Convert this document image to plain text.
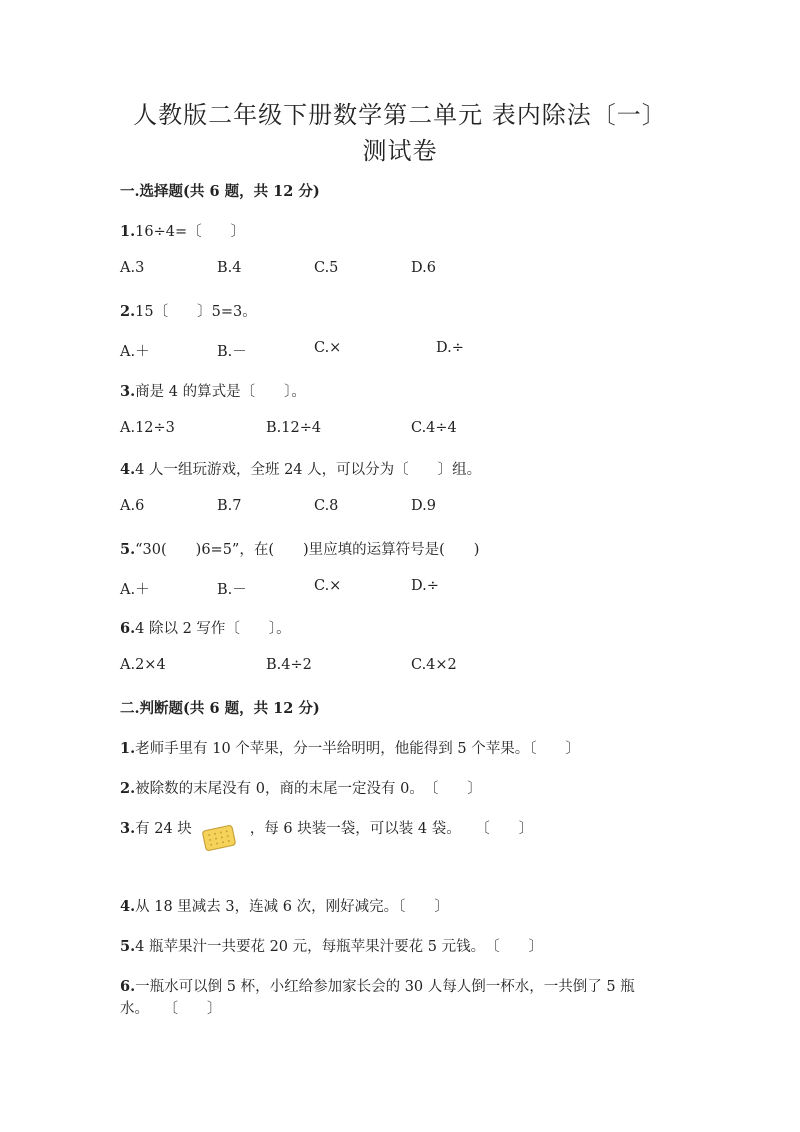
人教版二年级下册数学第二单元 表内除法〔一〕
测试卷
一.选择题(共 6 题，共 12 分)
1.16÷4=〔　　〕
A.3	B.4	C.5	D.6
2.15〔　　〕5=3。
A.＋	B.－	C.×	D.÷
3.商是 4 的算式是〔　　〕。
A.12÷3	B.12÷4	C.4÷4
4.4 人一组玩游戏，全班 24 人，可以分为〔　　〕组。
A.6	B.7	C.8	D.9
5.“30(　　)6=5”，在(　　)里应填的运算符号是(　　)
A.＋	B.－	C.×	D.÷
6.4 除以 2 写作〔　　〕。
A.2×4	B.4÷2	C.4×2
二.判断题(共 6 题，共 12 分)
1.老师手里有 10 个苹果，分一半给明明，他能得到 5 个苹果。〔　　〕
2.被除数的末尾没有 0，商的末尾一定没有 0。　〔　　〕
3.有 24 块	，每 6 块装一袋，可以装 4 袋。　　〔　　〕
4.从 18 里减去 3，连减 6 次，刚好减完。〔　　〕
5.4 瓶苹果汁一共要花 20 元，每瓶苹果汁要花 5 元钱。　〔　　〕
6.一瓶水可以倒 5 杯，小红给参加家长会的 30 人每人倒一杯水，一共倒了 5 瓶
水。　　〔　　〕
